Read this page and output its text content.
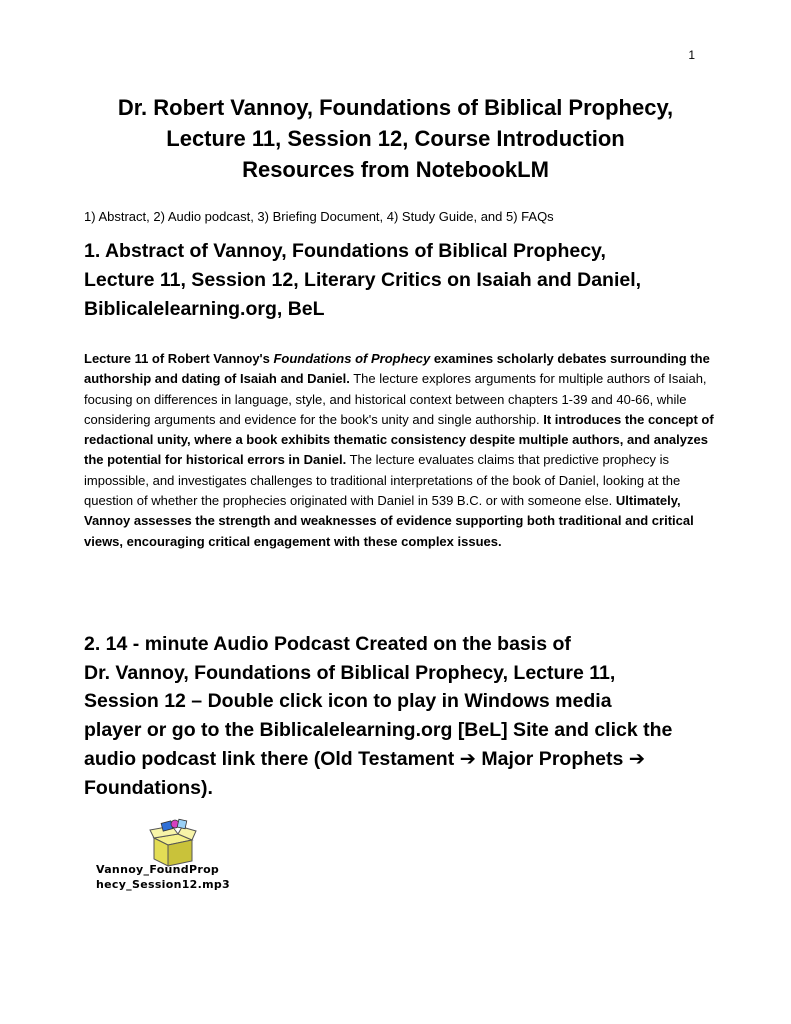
1
Dr. Robert Vannoy, Foundations of Biblical Prophecy,
Lecture 11, Session 12, Course Introduction
Resources from NotebookLM
1) Abstract, 2) Audio podcast, 3) Briefing Document, 4) Study Guide, and 5) FAQs
1. Abstract of Vannoy, Foundations of Biblical Prophecy,
Lecture 11, Session 12, Literary Critics on Isaiah and Daniel,
Biblicalelearning.org, BeL
Lecture 11 of Robert Vannoy's Foundations of Prophecy examines scholarly debates surrounding the authorship and dating of Isaiah and Daniel. The lecture explores arguments for multiple authors of Isaiah, focusing on differences in language, style, and historical context between chapters 1-39 and 40-66, while considering arguments and evidence for the book's unity and single authorship. It introduces the concept of redactional unity, where a book exhibits thematic consistency despite multiple authors, and analyzes the potential for historical errors in Daniel. The lecture evaluates claims that predictive prophecy is impossible, and investigates challenges to traditional interpretations of the book of Daniel, looking at the question of whether the prophecies originated with Daniel in 539 B.C. or with someone else. Ultimately, Vannoy assesses the strength and weaknesses of evidence supporting both traditional and critical views, encouraging critical engagement with these complex issues.
2. 14 - minute Audio Podcast Created on the basis of
Dr. Vannoy, Foundations of Biblical Prophecy, Lecture 11,
Session 12 – Double click icon to play in Windows media
player or go to the Biblicalelearning.org [BeL] Site and click the
audio podcast link there (Old Testament ➔ Major Prophets ➔
Foundations).
Vannoy_FoundProp
hecy_Session12.mp3
